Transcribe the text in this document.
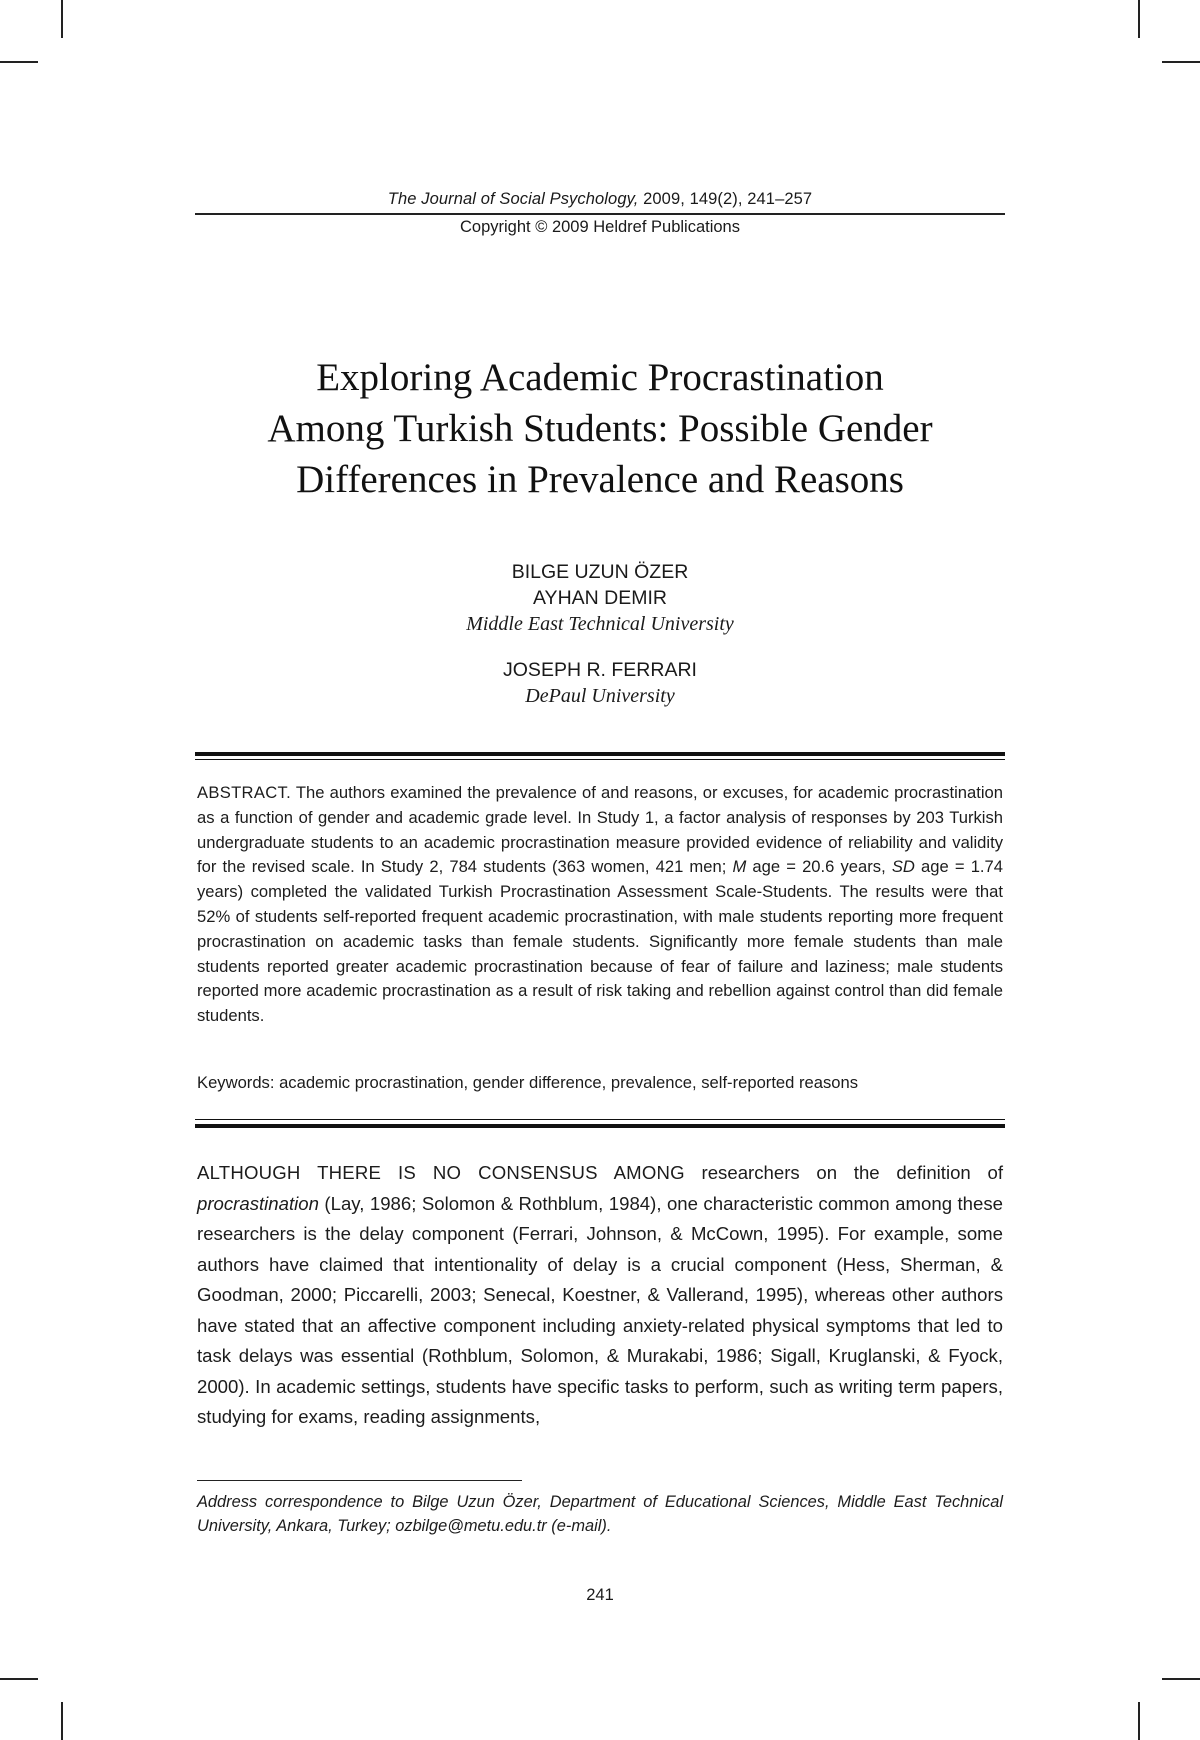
The Journal of Social Psychology, 2009, 149(2), 241–257
Copyright © 2009 Heldref Publications
Exploring Academic Procrastination
Among Turkish Students: Possible Gender
Differences in Prevalence and Reasons
BILGE UZUN ÖZER
AYHAN DEMIR
Middle East Technical University
JOSEPH R. FERRARI
DePaul University
ABSTRACT. The authors examined the prevalence of and reasons, or excuses, for academic procrastination as a function of gender and academic grade level. In Study 1, a factor analysis of responses by 203 Turkish undergraduate students to an academic procrastination measure provided evidence of reliability and validity for the revised scale. In Study 2, 784 students (363 women, 421 men; M age = 20.6 years, SD age = 1.74 years) completed the validated Turkish Procrastination Assessment Scale-Students. The results were that 52% of students self-reported frequent academic procrastination, with male students reporting more frequent procrastination on academic tasks than female students. Significantly more female students than male students reported greater academic procrastination because of fear of failure and laziness; male students reported more academic procrastination as a result of risk taking and rebellion against control than did female students.
Keywords: academic procrastination, gender difference, prevalence, self-reported reasons
ALTHOUGH THERE IS NO CONSENSUS AMONG researchers on the definition of procrastination (Lay, 1986; Solomon & Rothblum, 1984), one characteristic common among these researchers is the delay component (Ferrari, Johnson, & McCown, 1995). For example, some authors have claimed that intentionality of delay is a crucial component (Hess, Sherman, & Goodman, 2000; Piccarelli, 2003; Senecal, Koestner, & Vallerand, 1995), whereas other authors have stated that an affective component including anxiety-related physical symptoms that led to task delays was essential (Rothblum, Solomon, & Murakabi, 1986; Sigall, Kruglanski, & Fyock, 2000). In academic settings, students have specific tasks to perform, such as writing term papers, studying for exams, reading assignments,
Address correspondence to Bilge Uzun Özer, Department of Educational Sciences, Middle East Technical University, Ankara, Turkey; ozbilge@metu.edu.tr (e-mail).
241
